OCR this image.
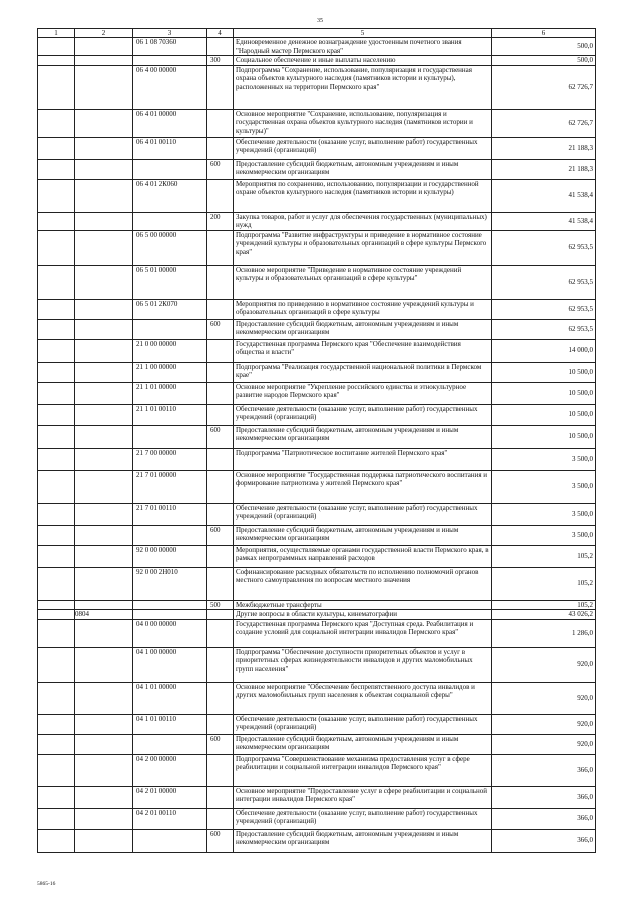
35
1	2	3	4	5	6
		06 1 08 70360		Единовременное денежное вознаграждение удостоенным почетного звания "Народный мастер Пермского края"	500,0
			300	Социальное обеспечение и иные выплаты населению	500,0
		06 4 00 00000		Подпрограмма "Сохранение, использование, популяризация и государственная охрана объектов культурного наследия (памятников истории и культуры), расположенных на территории Пермского края"	62 726,7
		06 4 01 00000		Основное мероприятие "Сохранение, использование, популяризация и государственная охрана объектов культурного наследия (памятников истории и культуры)"	62 726,7
		06 4 01 00110		Обеспечение деятельности (оказание услуг, выполнение работ) государственных учреждений (организаций)	21 188,3
			600	Предоставление субсидий бюджетным, автономным учреждениям и иным некоммерческим организациям	21 188,3
		06 4 01 2К060		Мероприятия по сохранению, использованию, популяризации и государственной охране объектов культурного наследия (памятников истории и культуры)	41 538,4
			200	Закупка товаров, работ и услуг для обеспечения государственных (муниципальных) нужд	41 538,4
		06 5 00 00000		Подпрограмма "Развитие инфраструктуры и приведение в нормативное состояние учреждений культуры и образовательных организаций в сфере культуры Пермского края"	62 953,5
		06 5 01 00000		Основное мероприятие "Приведение в нормативное состояние учреждений культуры и образовательных организаций в сфере культуры"	62 953,5
		06 5 01 2К070		Мероприятия по приведению в нормативное состояние учреждений культуры и образовательных организаций в сфере культуры	62 953,5
			600	Предоставление субсидий бюджетным, автономным учреждениям и иным некоммерческим организациям	62 953,5
		21 0 00 00000		Государственная программа Пермского края "Обеспечение взаимодействия общества и власти"	14 000,0
		21 1 00 00000		Подпрограмма "Реализация государственной национальной политики в Пермском крае"	10 500,0
		21 1 01 00000		Основное мероприятие "Укрепление российского единства и этнокультурное развитие народов Пермского края"	10 500,0
		21 1 01 00110		Обеспечение деятельности (оказание услуг, выполнение работ) государственных учреждений (организаций)	10 500,0
			600	Предоставление субсидий бюджетным, автономным учреждениям и иным некоммерческим организациям	10 500,0
		21 7 00 00000		Подпрограмма "Патриотическое воспитание жителей Пермского края"	3 500,0
		21 7 01 00000		Основное мероприятие "Государственная поддержка патриотического воспитания и формирование патриотизма у жителей Пермского края"	3 500,0
		21 7 01 00110		Обеспечение деятельности (оказание услуг, выполнение работ) государственных учреждений (организаций)	3 500,0
			600	Предоставление субсидий бюджетным, автономным учреждениям и иным некоммерческим организациям	3 500,0
		92 0 00 00000		Мероприятия, осуществляемые органами государственной власти Пермского края, в рамках непрограммных направлений расходов	105,2
		92 0 00 2Н010		Софинансирование расходных обязательств по исполнению полномочий органов местного самоуправления по вопросам местного значения	105,2
			500	Межбюджетные трансферты	105,2
	0804			Другие вопросы в области культуры, кинематографии	43 026,2
		04 0 00 00000		Государственная программа Пермского края "Доступная среда. Реабилитация и создание условий для социальной интеграции инвалидов Пермского края"	1 286,0
		04 1 00 00000		Подпрограмма "Обеспечение доступности приоритетных объектов и услуг в приоритетных сферах жизнедеятельности инвалидов и других маломобильных групп населения"	920,0
		04 1 01 00000		Основное мероприятие "Обеспечение беспрепятственного доступа инвалидов и других маломобильных групп населения к объектам социальной сферы"	920,0
		04 1 01 00110		Обеспечение деятельности (оказание услуг, выполнение работ) государственных учреждений (организаций)	920,0
			600	Предоставление субсидий бюджетным, автономным учреждениям и иным некоммерческим организациям	920,0
		04 2 00 00000		Подпрограмма "Совершенствование механизма предоставления услуг в сфере реабилитации и социальной интеграции инвалидов Пермского края"	366,0
		04 2 01 00000		Основное мероприятие "Предоставление услуг в сфере реабилитации и социальной интеграции инвалидов Пермского края"	366,0
		04 2 01 00110		Обеспечение деятельности (оказание услуг, выполнение работ) государственных учреждений (организаций)	366,0
			600	Предоставление субсидий бюджетным, автономным учреждениям и иным некоммерческим организациям	366,0
5865-16
